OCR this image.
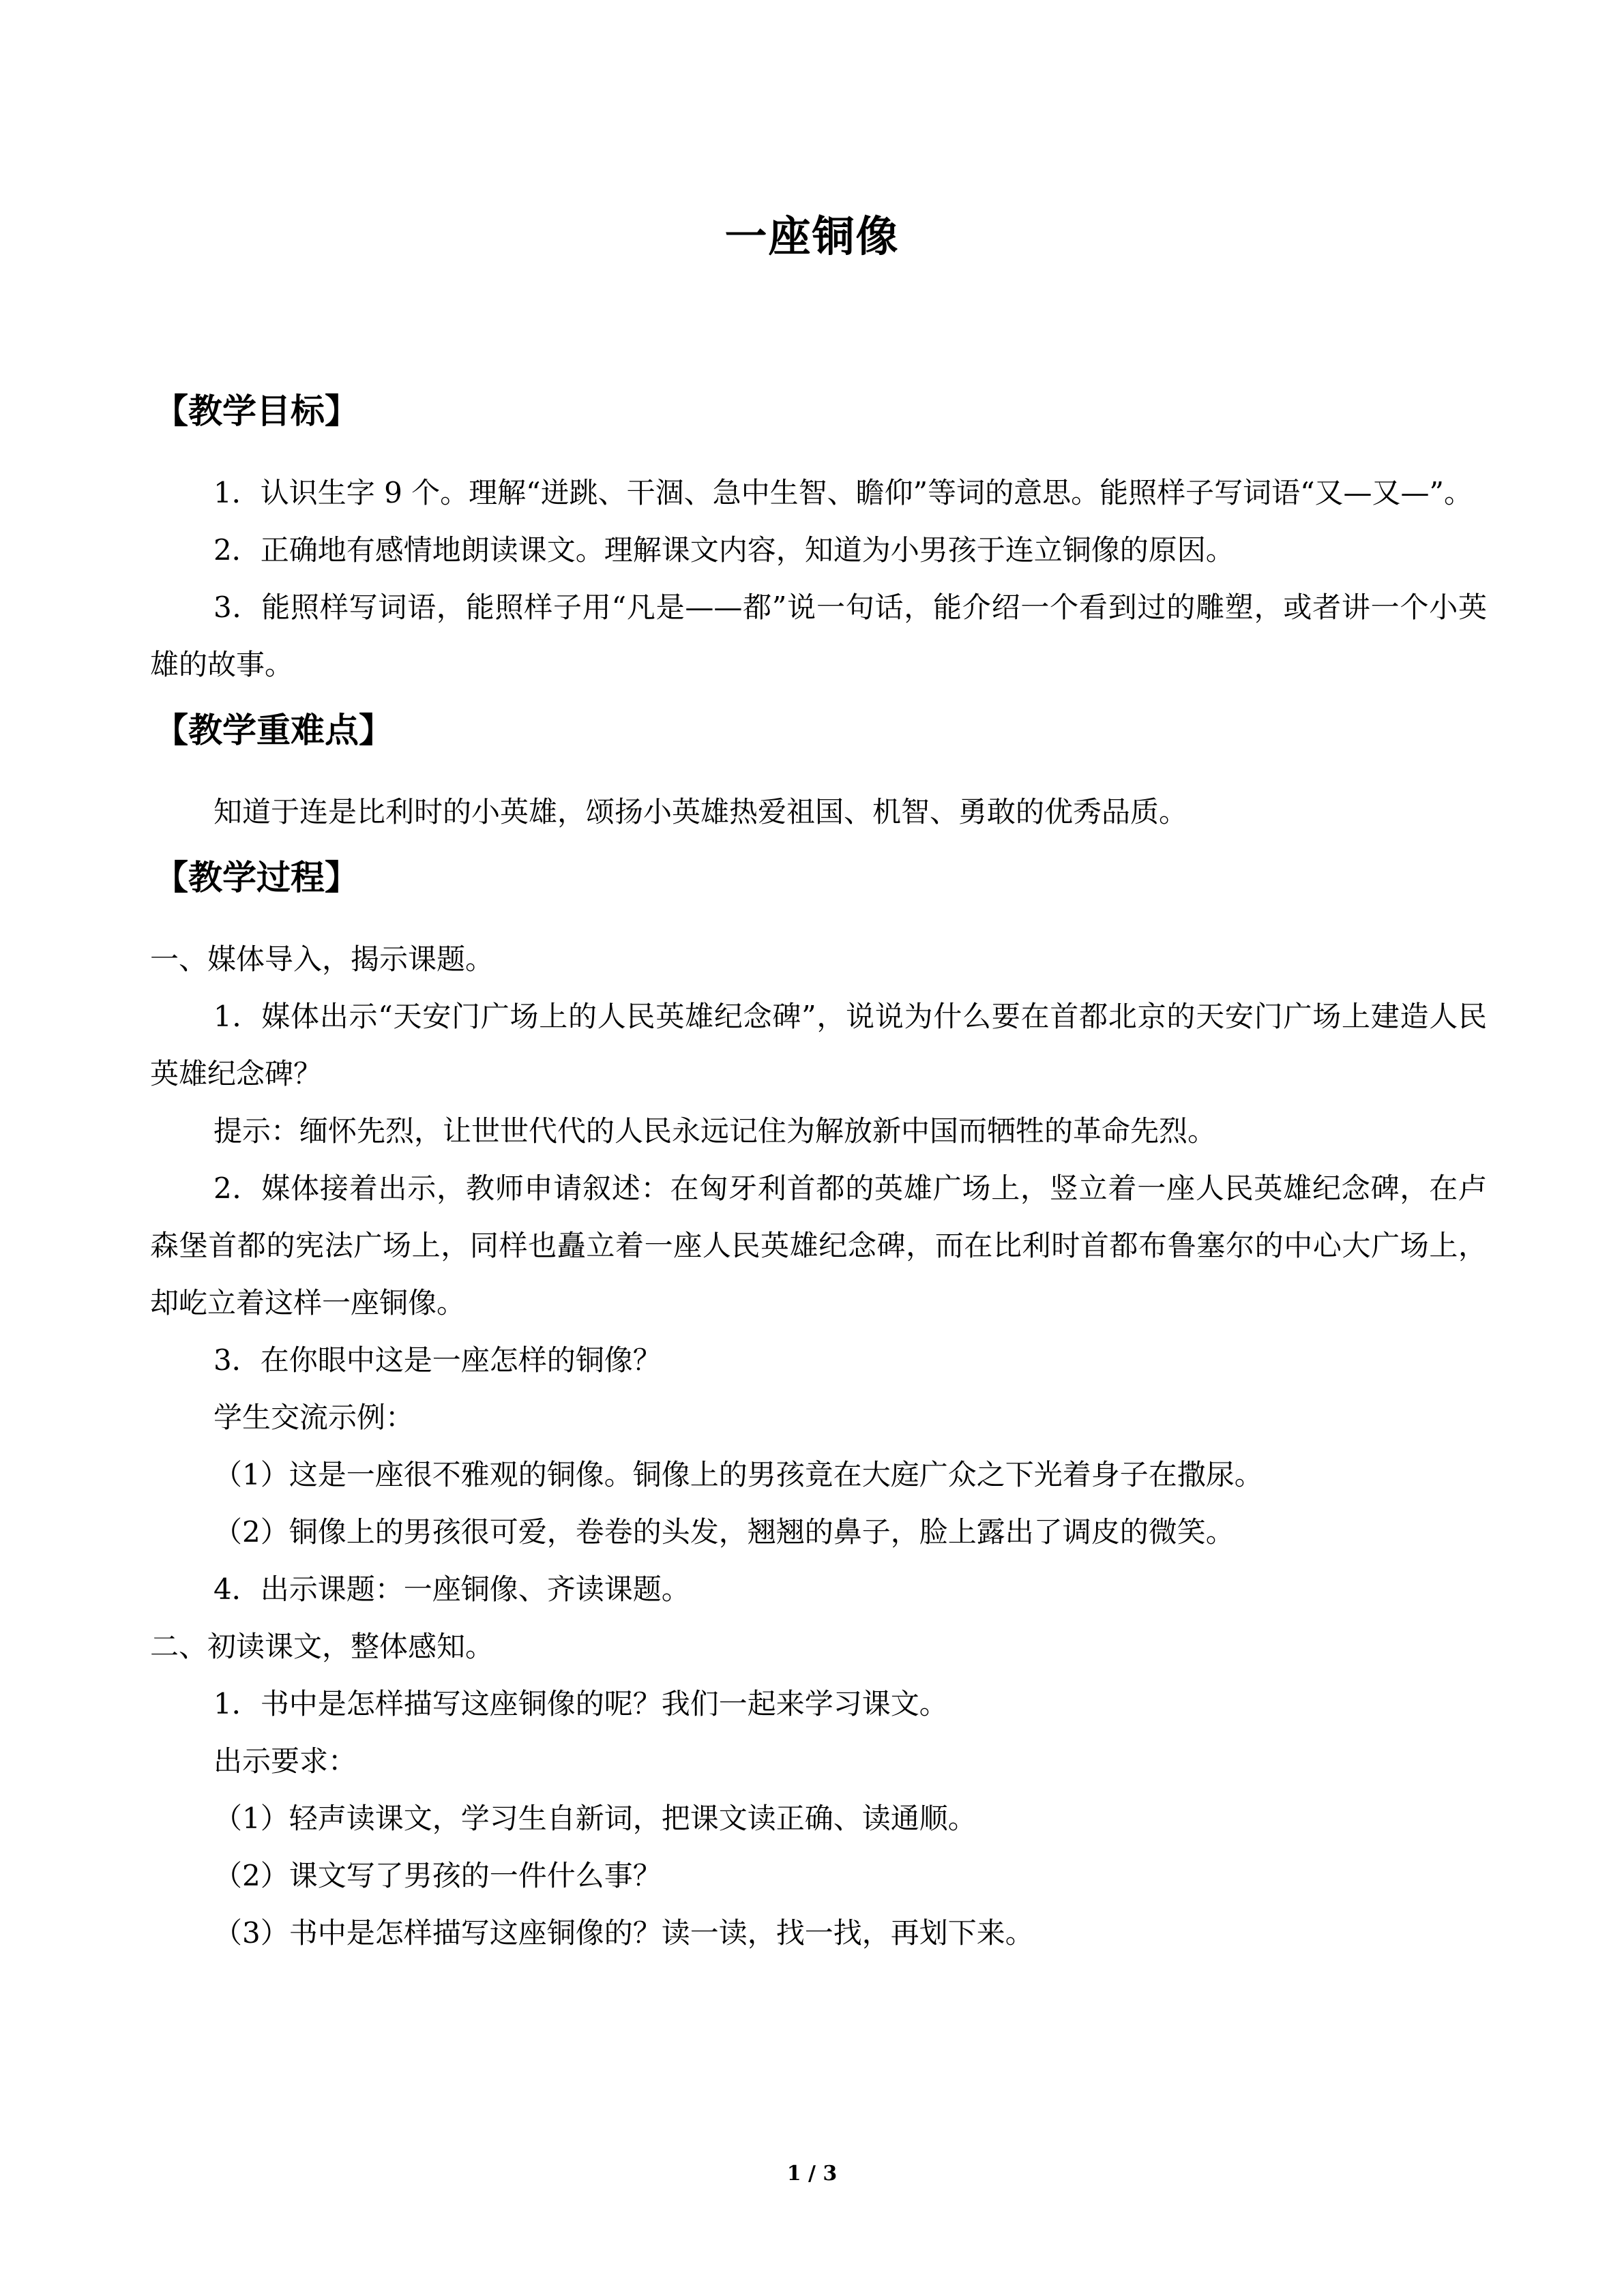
一座铜像
【教学目标】

1．认识生字 9 个。理解“迸跳、干涸、急中生智、瞻仰”等词的意思。能照样子写词语“又—又—”。

2．正确地有感情地朗读课文。理解课文内容，知道为小男孩于连立铜像的原因。

3．能照样写词语，能照样子用“凡是——都”说一句话，能介绍一个看到过的雕塑，或者讲一个小英雄的故事。

【教学重难点】

知道于连是比利时的小英雄，颂扬小英雄热爱祖国、机智、勇敢的优秀品质。

【教学过程】

一、媒体导入，揭示课题。

1．媒体出示“天安门广场上的人民英雄纪念碑”，说说为什么要在首都北京的天安门广场上建造人民英雄纪念碑？

提示：缅怀先烈，让世世代代的人民永远记住为解放新中国而牺牲的革命先烈。

2．媒体接着出示，教师申请叙述：在匈牙利首都的英雄广场上，竖立着一座人民英雄纪念碑，在卢森堡首都的宪法广场上，同样也矗立着一座人民英雄纪念碑，而在比利时首都布鲁塞尔的中心大广场上，却屹立着这样一座铜像。

3．在你眼中这是一座怎样的铜像？

学生交流示例：

（1）这是一座很不雅观的铜像。铜像上的男孩竟在大庭广众之下光着身子在撒尿。

（2）铜像上的男孩很可爱，卷卷的头发，翘翘的鼻子，脸上露出了调皮的微笑。

4．出示课题：一座铜像、齐读课题。

二、初读课文，整体感知。

1．书中是怎样描写这座铜像的呢？我们一起来学习课文。

出示要求：

（1）轻声读课文，学习生自新词，把课文读正确、读通顺。

（2）课文写了男孩的一件什么事？

（3）书中是怎样描写这座铜像的？读一读，找一找，再划下来。

1 / 3
